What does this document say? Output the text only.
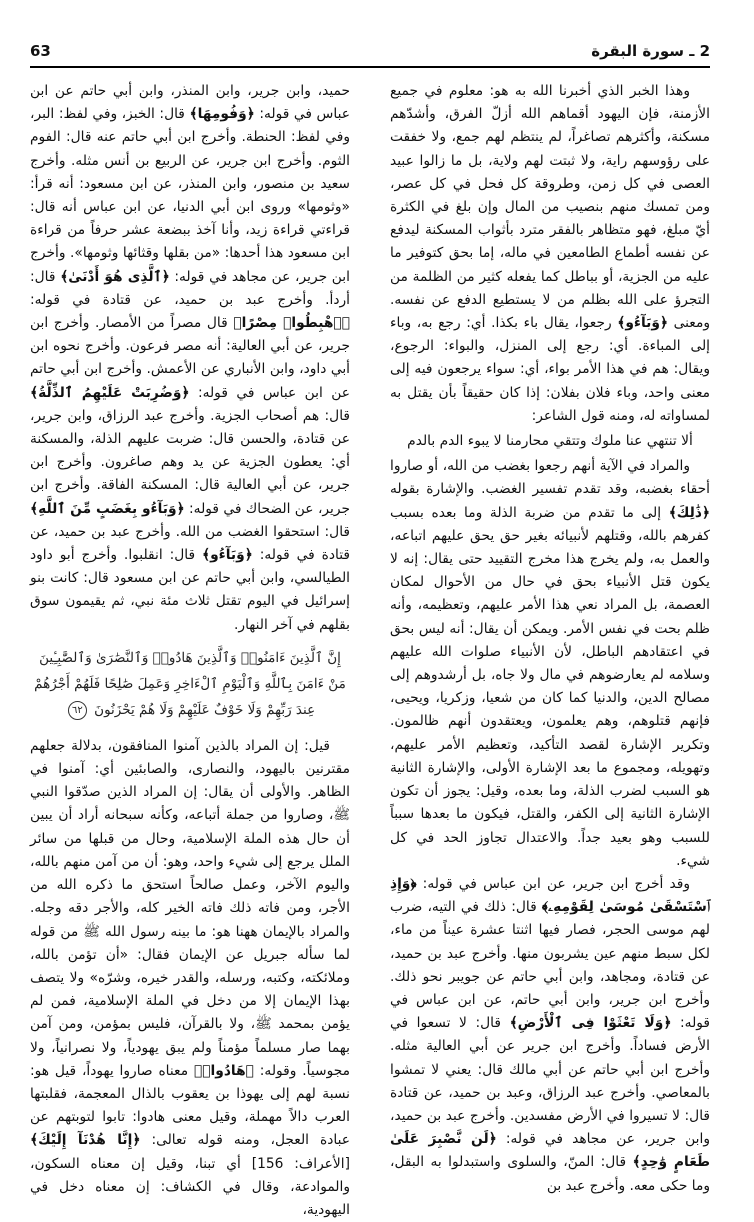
63	2 ـ سورة البقرة

وهذا الخبر الذي أخبرنا الله به هو: معلوم في جميع الأزمنة، فإن اليهود أقماهم الله أزلّ الفرق، وأشدّهم مسكنة، وأكثرهم تصاغراً، لم ينتظم لهم جمع، ولا خفقت على رؤوسهم راية، ولا ثبتت لهم ولاية، بل ما زالوا عبيد العصى في كل زمن، وطروقة كل فحل في كل عصر، ومن تمسك منهم بنصيب من المال وإن بلغ في الكثرة أيّ مبلغ، فهو متظاهر بالفقر مترد بأثواب المسكنة ليدفع عن نفسه أطماع الطامعين في ماله، إما بحق كتوفير ما عليه من الجزية، أو بباطل كما يفعله كثير من الظلمة من التجرؤ على الله بظلم من لا يستطيع الدفع عن نفسه. ومعنى ﴿وَبَآءُو﴾ رجعوا، يقال باء بكذا. أي: رجع به، وباء إلى المباءة. أي: رجع إلى المنزل، والبواء: الرجوع، ويقال: هم في هذا الأمر بواء، أي: سواء يرجعون فيه إلى معنى واحد، وباء فلان بفلان: إذا كان حقيقاً بأن يقتل به لمساواته له، ومنه قول الشاعر:

ألا تنتهي عنا ملوك وتتقي محارمنا لا يبوء الدم بالدم

والمراد في الآية أنهم رجعوا بغضب من الله، أو صاروا أحقاء بغضبه، وقد تقدم تفسير الغضب. والإشارة بقوله ﴿ذَٰلِكَ﴾ إلى ما تقدم من ضربة الذلة وما بعده بسبب كفرهم بالله، وقتلهم لأنبيائه بغير حق يحق عليهم اتباعه، والعمل به، ولم يخرج هذا مخرج التقييد حتى يقال: إنه لا يكون قتل الأنبياء بحق في حال من الأحوال لمكان العصمة، بل المراد نعي هذا الأمر عليهم، وتعظيمه، وأنه ظلم بحت في نفس الأمر. ويمكن أن يقال: أنه ليس بحق في اعتقادهم الباطل، لأن الأنبياء صلوات الله عليهم وسلامه لم يعارضوهم في مال ولا جاه، بل أرشدوهم إلى مصالح الدين، والدنيا كما كان من شعيا، وزكريا، ويحيى، فإنهم قتلوهم، وهم يعلمون، ويعتقدون أنهم ظالمون. وتكرير الإشارة لقصد التأكيد، وتعظيم الأمر عليهم، وتهويله، ومجموع ما بعد الإشارة الأولى، والإشارة الثانية هو السبب لضرب الذلة، وما بعده، وقيل: يجوز أن تكون الإشارة الثانية إلى الكفر، والقتل، فيكون ما بعدها سبباً للسبب وهو بعيد جداً. والاعتدال تجاوز الحد في كل شيء.

وقد أخرج ابن جرير، عن ابن عباس في قوله: ﴿وَإِذِ ٱسْتَسْقَىٰ مُوسَىٰ لِقَوْمِهِۦ﴾ قال: ذلك في التيه، ضرب لهم موسى الحجر، فصار فيها اثنتا عشرة عيناً من ماء، لكل سبط منهم عين يشربون منها. وأخرج عبد بن حميد، عن قتادة، ومجاهد، وابن أبي حاتم عن جويبر نحو ذلك. وأخرج ابن جرير، وابن أبي حاتم، عن ابن عباس في قوله: ﴿وَلَا تَعْثَوْا فِى ٱلْأَرْضِ﴾ قال: لا تسعوا في الأرض فساداً. وأخرج ابن جرير عن أبي العالية مثله. وأخرج ابن أبي حاتم عن أبي مالك قال: يعني لا تمشوا بالمعاصي. وأخرج عبد الرزاق، وعبد بن حميد، عن قتادة قال: لا تسيروا في الأرض مفسدين. وأخرج عبد بن حميد، وابن جرير، عن مجاهد في قوله: ﴿لَن نَّصْبِرَ عَلَىٰ طَعَامٍ وَٰحِدٍ﴾ قال: المنّ، والسلوى واستبدلوا به البقل، وما حكى معه. وأخرج عبد بن

حميد، وابن جرير، وابن المنذر، وابن أبي حاتم عن ابن عباس في قوله: ﴿وَفُومِهَا﴾ قال: الخبز، وفي لفظ: البر، وفي لفظ: الحنطة. وأخرج ابن أبي حاتم عنه قال: الفوم الثوم. وأخرج ابن جرير، عن الربيع بن أنس مثله. وأخرج سعيد بن منصور، وابن المنذر، عن ابن مسعود: أنه قرأ: «وثومها» وروى ابن أبي الدنيا، عن ابن عباس أنه قال: قراءتي قراءة زيد، وأنا آخذ ببضعة عشر حرفاً من قراءة ابن مسعود هذا أحدها: «من بقلها وقثائها وثومها». وأخرج ابن جرير، عن مجاهد في قوله: ﴿ٱلَّذِى هُوَ أَدْنَىٰ﴾ قال: أردأ. وأخرج عبد بن حميد، عن قتادة في قوله: ﴿ٱهْبِطُوا۟ مِصْرًا﴾ قال مصراً من الأمصار. وأخرج ابن جرير، عن أبي العالية: أنه مصر فرعون. وأخرج نحوه ابن أبي داود، وابن الأنباري عن الأعمش. وأخرج ابن أبي حاتم عن ابن عباس في قوله: ﴿وَضُرِبَتْ عَلَيْهِمُ ٱلذِّلَّةُ﴾ قال: هم أصحاب الجزية. وأخرج عبد الرزاق، وابن جرير، عن قتادة، والحسن قال: ضربت عليهم الذلة، والمسكنة أي: يعطون الجزية عن يد وهم صاغرون. وأخرج ابن جرير، عن أبي العالية قال: المسكنة الفاقة. وأخرج ابن جرير، عن الضحاك في قوله: ﴿وَبَآءُو بِغَضَبٍ مِّنَ ٱللَّهِ﴾ قال: استحقوا الغضب من الله. وأخرج عبد بن حميد، عن قتادة في قوله: ﴿وَبَآءُو﴾ قال: انقلبوا. وأخرج أبو داود الطيالسي، وابن أبي حاتم عن ابن مسعود قال: كانت بنو إسرائيل في اليوم تقتل ثلاث مئة نبي، ثم يقيمون سوق بقلهم في آخر النهار.

إِنَّ ٱلَّذِينَ ءَامَنُوا۟ وَٱلَّذِينَ هَادُوا۟ وَٱلنَّصَٰرَىٰ وَٱلصَّٰبِـِٔينَ مَنْ ءَامَنَ بِٱللَّهِ وَٱلْيَوْمِ ٱلْءَاخِرِ وَعَمِلَ صَٰلِحًا فَلَهُمْ أَجْرُهُمْ عِندَ رَبِّهِمْ وَلَا خَوْفٌ عَلَيْهِمْ وَلَا هُمْ يَحْزَنُونَ ٦٢

قيل: إن المراد بالذين آمنوا المنافقون، بدلالة جعلهم مقترنين باليهود، والنصارى، والصابئين أي: آمنوا في الظاهر. والأولى أن يقال: إن المراد الذين صدّقوا النبي ﷺ، وصاروا من جملة أتباعه، وكأنه سبحانه أراد أن يبين أن حال هذه الملة الإسلامية، وحال من قبلها من سائر الملل يرجع إلى شيء واحد، وهو: أن من آمن منهم بالله، واليوم الآخر، وعمل صالحاً استحق ما ذكره الله من الأجر، ومن فاته ذلك فاته الخير كله، والأجر دقه وجله. والمراد بالإيمان ههنا هو: ما بينه رسول الله ﷺ من قوله لما سأله جبريل عن الإيمان فقال: «أن تؤمن بالله، وملائكته، وكتبه، ورسله، والقدر خيره، وشرّه» ولا يتصف بهذا الإيمان إلا من دخل في الملة الإسلامية، فمن لم يؤمن بمحمد ﷺ، ولا بالقرآن، فليس بمؤمن، ومن آمن بهما صار مسلماً مؤمناً ولم يبق يهودياً، ولا نصرانياً، ولا مجوسياً. وقوله: ﴿هَادُوا۟﴾ معناه صاروا يهوداً، قيل هو: نسبة لهم إلى يهوذا بن يعقوب بالذال المعجمة، فقلبتها العرب دالاً مهملة، وقيل معنى هادوا: تابوا لتوبتهم عن عبادة العجل، ومنه قوله تعالى: ﴿إِنَّا هُدْنَآ إِلَيْكَ﴾ [الأعراف: 156] أي تبنا، وقيل إن معناه السكون، والموادعة، وقال في الكشاف: إن معناه دخل في اليهودية،
